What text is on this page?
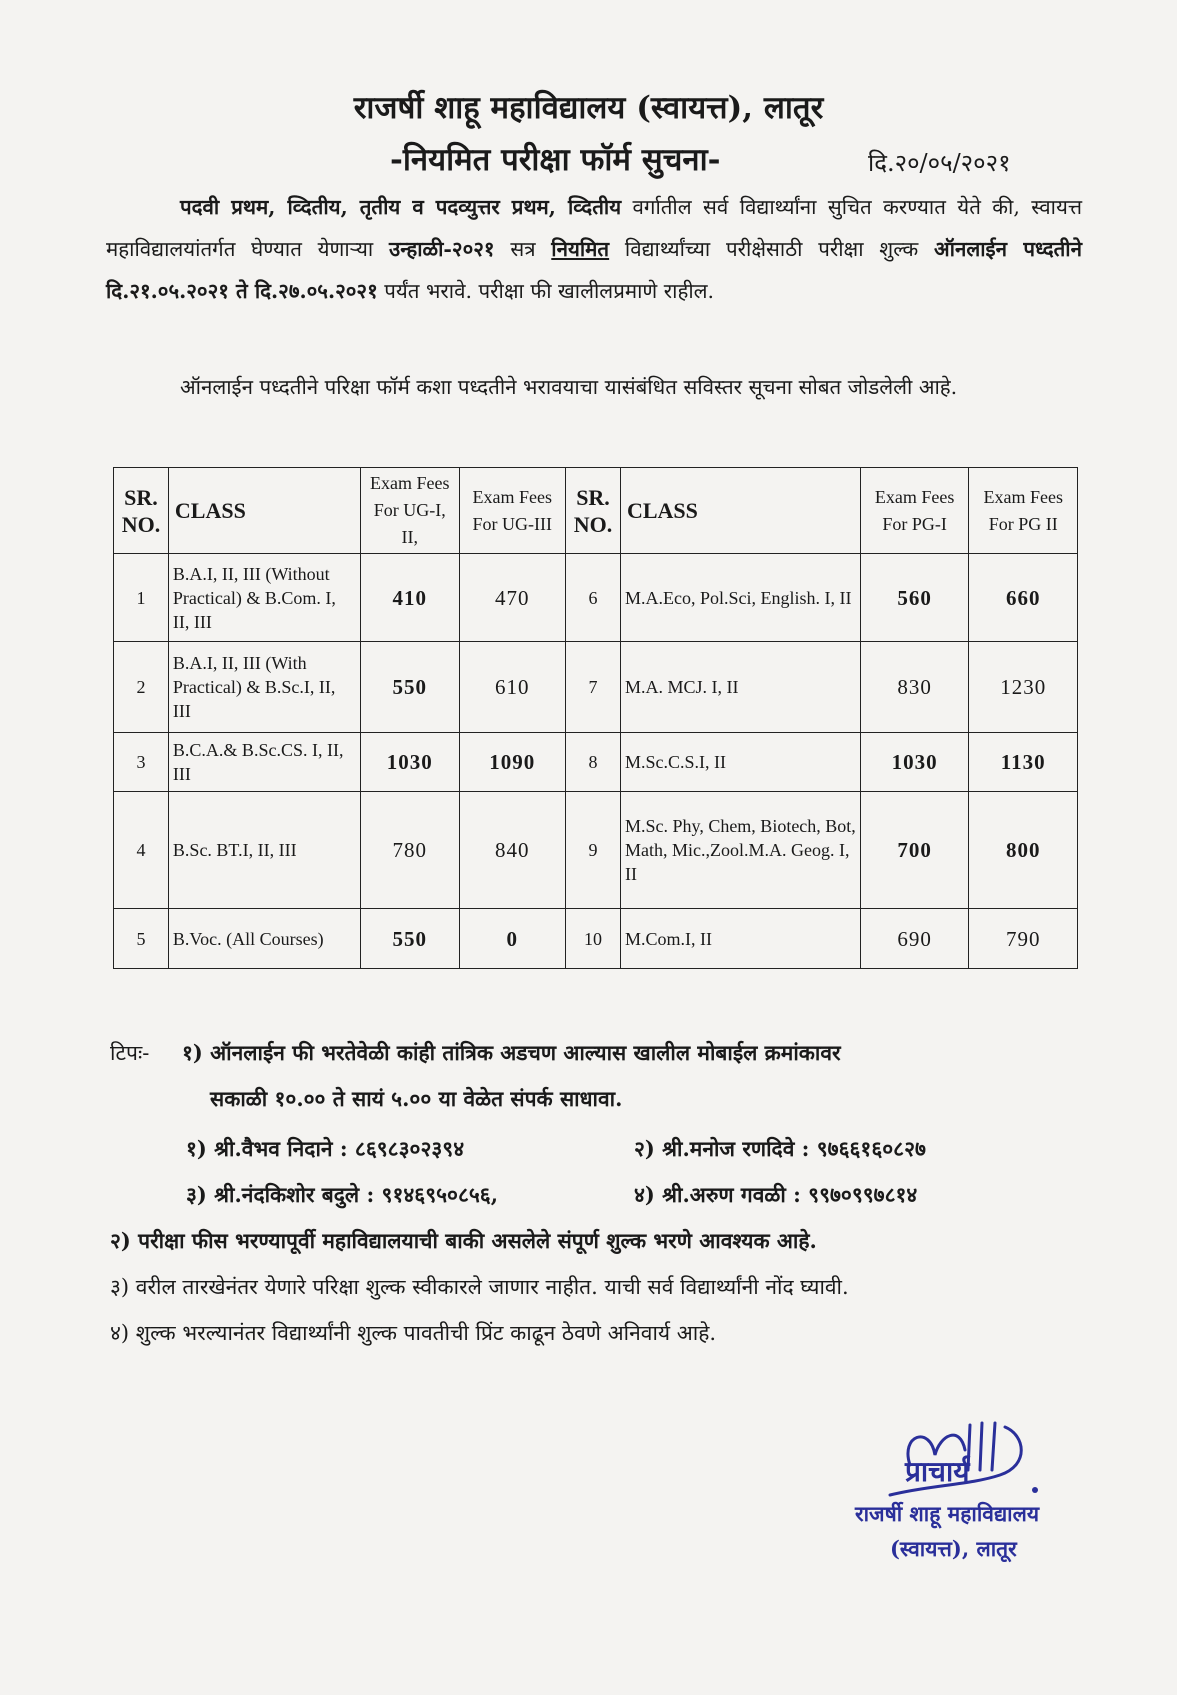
राजर्षी शाहू महाविद्यालय (स्वायत्त), लातूर
-नियमित परीक्षा फॉर्म सुचना-	दि.२०/०५/२०२१
पदवी प्रथम, व्दितीय, तृतीय व पदव्युत्तर प्रथम, व्दितीय वर्गातील सर्व विद्यार्थ्यांना सुचित करण्यात येते की, स्वायत्त महाविद्यालयांतर्गत घेण्यात येणाऱ्या उन्हाळी-२०२१ सत्र नियमित विद्यार्थ्यांच्या परीक्षेसाठी परीक्षा शुल्क ऑनलाईन पध्दतीने दि.२१.०५.२०२१ ते दि.२७.०५.२०२१ पर्यंत भरावे. परीक्षा फी खालीलप्रमाणे राहील.
ऑनलाईन पध्दतीने परिक्षा फॉर्म कशा पध्दतीने भरावयाचा यासंबंधित सविस्तर सूचना सोबत जोडलेली आहे.
SR. NO.	CLASS	Exam Fees For UG-I, II,	Exam Fees For UG-III	SR. NO.	CLASS	Exam Fees For PG-I	Exam Fees For PG II
1	B.A.I, II, III (Without Practical) & B.Com. I, II, III	410	470	6	M.A.Eco, Pol.Sci, English. I, II	560	660
2	B.A.I, II, III (With Practical) & B.Sc.I, II, III	550	610	7	M.A. MCJ. I, II	830	1230
3	B.C.A.& B.Sc.CS. I, II, III	1030	1090	8	M.Sc.C.S.I, II	1030	1130
4	B.Sc. BT.I, II, III	780	840	9	M.Sc. Phy, Chem, Biotech, Bot, Math, Mic.,Zool.M.A. Geog. I, II	700	800
5	B.Voc. (All Courses)	550	0	10	M.Com.I, II	690	790
टिपः- १) ऑनलाईन फी भरतेवेळी कांही तांत्रिक अडचण आल्यास खालील मोबाईल क्रमांकावर
सकाळी १०.०० ते सायं ५.०० या वेळेत संपर्क साधावा.
१) श्री.वैभव निदाने : ८६९८३०२३९४	२) श्री.मनोज रणदिवे : ९७६६१६०८२७
३) श्री.नंदकिशोर बदुले : ९१४६९५०८५६,	४) श्री.अरुण गवळी : ९९७०९९७८१४
२) परीक्षा फीस भरण्यापूर्वी महाविद्यालयाची बाकी असलेले संपूर्ण शुल्क भरणे आवश्यक आहे.
३) वरील तारखेनंतर येणारे परिक्षा शुल्क स्वीकारले जाणार नाहीत. याची सर्व विद्यार्थ्यांनी नोंद घ्यावी.
४) शुल्क भरल्यानंतर विद्यार्थ्यांनी शुल्क पावतीची प्रिंट काढून ठेवणे अनिवार्य आहे.
प्राचार्य
राजर्षी शाहू महाविद्यालय
(स्वायत्त), लातूर
